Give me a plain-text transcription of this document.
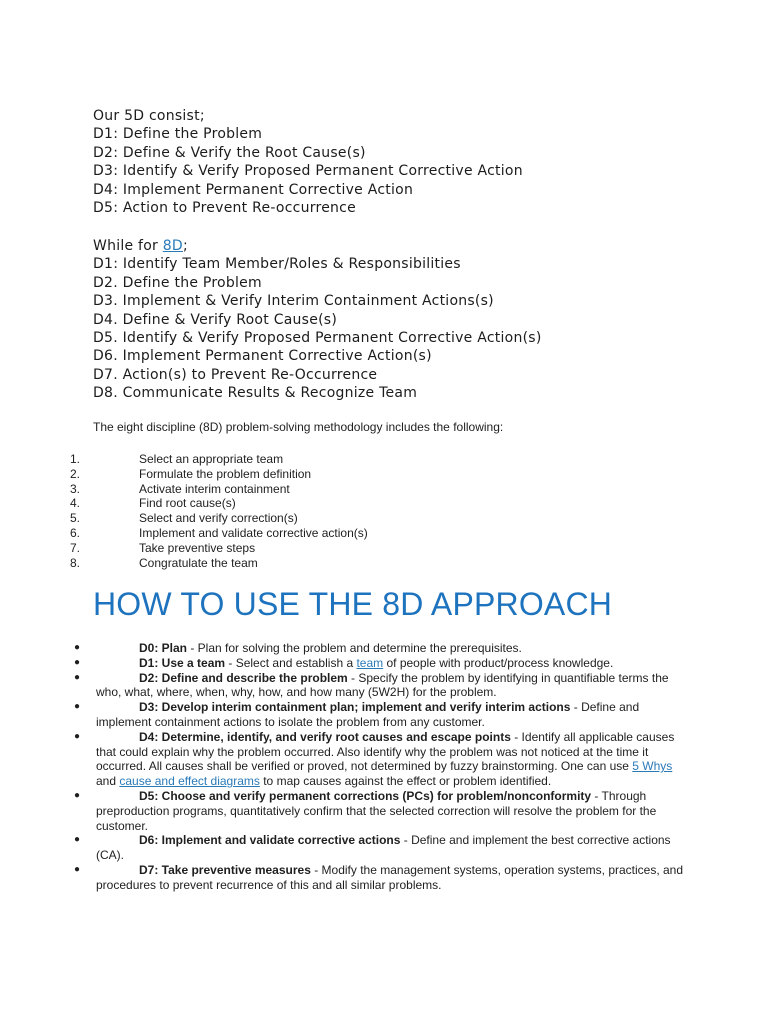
Our 5D consist;
D1: Define the Problem
D2: Define & Verify the Root Cause(s)
D3: Identify & Verify Proposed Permanent Corrective Action
D4: Implement Permanent Corrective Action
D5: Action to Prevent Re-occurrence
While for 8D;
D1: Identify Team Member/Roles & Responsibilities
D2. Define the Problem
D3. Implement & Verify Interim Containment Actions(s)
D4. Define & Verify Root Cause(s)
D5. Identify & Verify Proposed Permanent Corrective Action(s)
D6. Implement Permanent Corrective Action(s)
D7. Action(s) to Prevent Re-Occurrence
D8. Communicate Results & Recognize Team
The eight discipline (8D) problem-solving methodology includes the following:
1.	Select an appropriate team
2.	Formulate the problem definition
3.	Activate interim containment
4.	Find root cause(s)
5.	Select and verify correction(s)
6.	Implement and validate corrective action(s)
7.	Take preventive steps
8.	Congratulate the team
HOW TO USE THE 8D APPROACH
●	D0: Plan - Plan for solving the problem and determine the prerequisites.
●	D1: Use a team - Select and establish a team of people with product/process knowledge.
●	D2: Define and describe the problem - Specify the problem by identifying in quantifiable terms the who, what, where, when, why, how, and how many (5W2H) for the problem.
●	D3: Develop interim containment plan; implement and verify interim actions - Define and implement containment actions to isolate the problem from any customer.
●	D4: Determine, identify, and verify root causes and escape points - Identify all applicable causes that could explain why the problem occurred. Also identify why the problem was not noticed at the time it occurred. All causes shall be verified or proved, not determined by fuzzy brainstorming. One can use 5 Whys and cause and effect diagrams to map causes against the effect or problem identified.
●	D5: Choose and verify permanent corrections (PCs) for problem/nonconformity - Through preproduction programs, quantitatively confirm that the selected correction will resolve the problem for the customer.
●	D6: Implement and validate corrective actions - Define and implement the best corrective actions (CA).
●	D7: Take preventive measures - Modify the management systems, operation systems, practices, and procedures to prevent recurrence of this and all similar problems.
